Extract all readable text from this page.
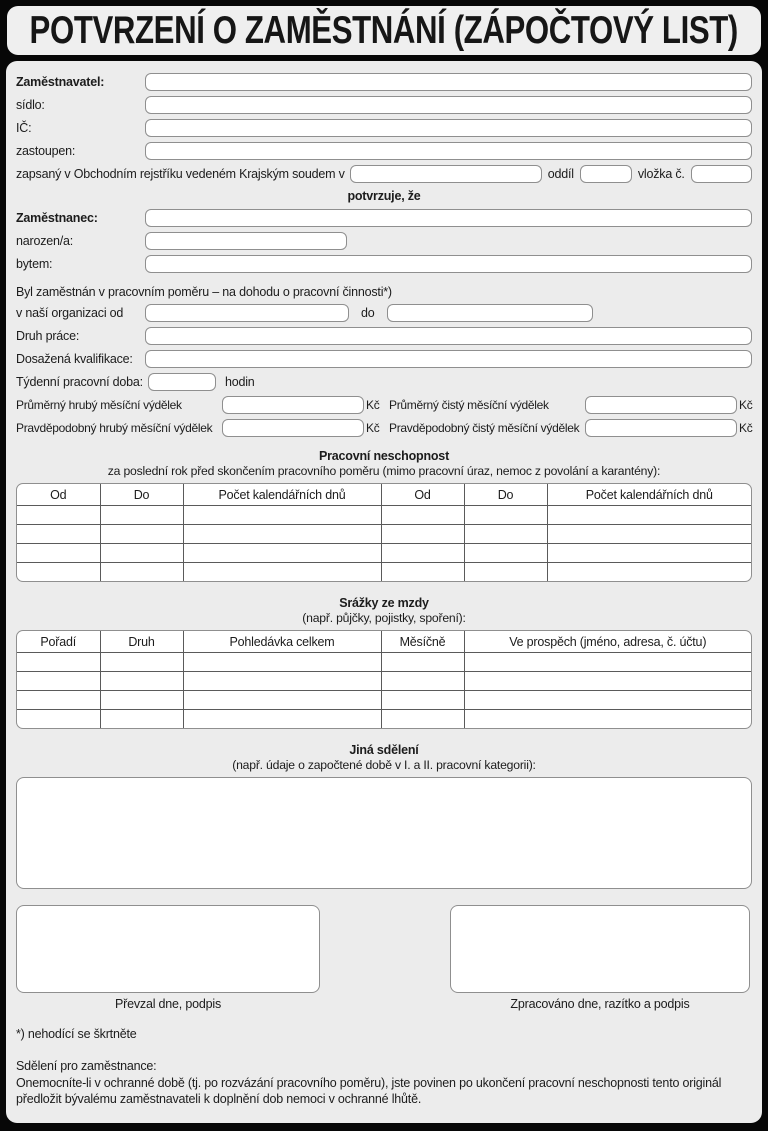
POTVRZENÍ O ZAMĚSTNÁNÍ (ZÁPOČTOVÝ LIST)
Zaměstnavatel:
sídlo:
IČ:
zastoupen:
zapsaný v Obchodním rejstříku vedeném Krajským soudem v	oddíl	vložka č.
potvrzuje, že
Zaměstnanec:
narozen/a:
bytem:
Byl zaměstnán v pracovním poměru – na dohodu o pracovní činnosti*)
v naší organizaci od	do
Druh práce:
Dosažená kvalifikace:
Týdenní pracovní doba:	hodin
Průměrný hrubý měsíční výdělek	Kč Průměrný čistý měsíční výdělek	Kč
Pravděpodobný hrubý měsíční výdělek	Kč Pravděpodobný čistý měsíční výdělek	Kč
Pracovní neschopnost
za poslední rok před skončením pracovního poměru (mimo pracovní úraz, nemoc z povolání a karantény):
Od	Do	Počet kalendářních dnů	Od	Do	Počet kalendářních dnů

Srážky ze mzdy
(např. půjčky, pojistky, spoření):
Pořadí	Druh	Pohledávka celkem	Měsíčně	Ve prospěch (jméno, adresa, č. účtu)

Jiná sdělení
(např. údaje o započtené době v I. a II. pracovní kategorii):
Převzal dne, podpis	Zpracováno dne, razítko a podpis
*) nehodící se škrtněte
Sdělení pro zaměstnance:
Onemocníte-li v ochranné době (tj. po rozvázání pracovního poměru), jste povinen po ukončení pracovní neschopnosti tento originál předložit bývalému zaměstnavateli k doplnění dob nemoci v ochranné lhůtě.
